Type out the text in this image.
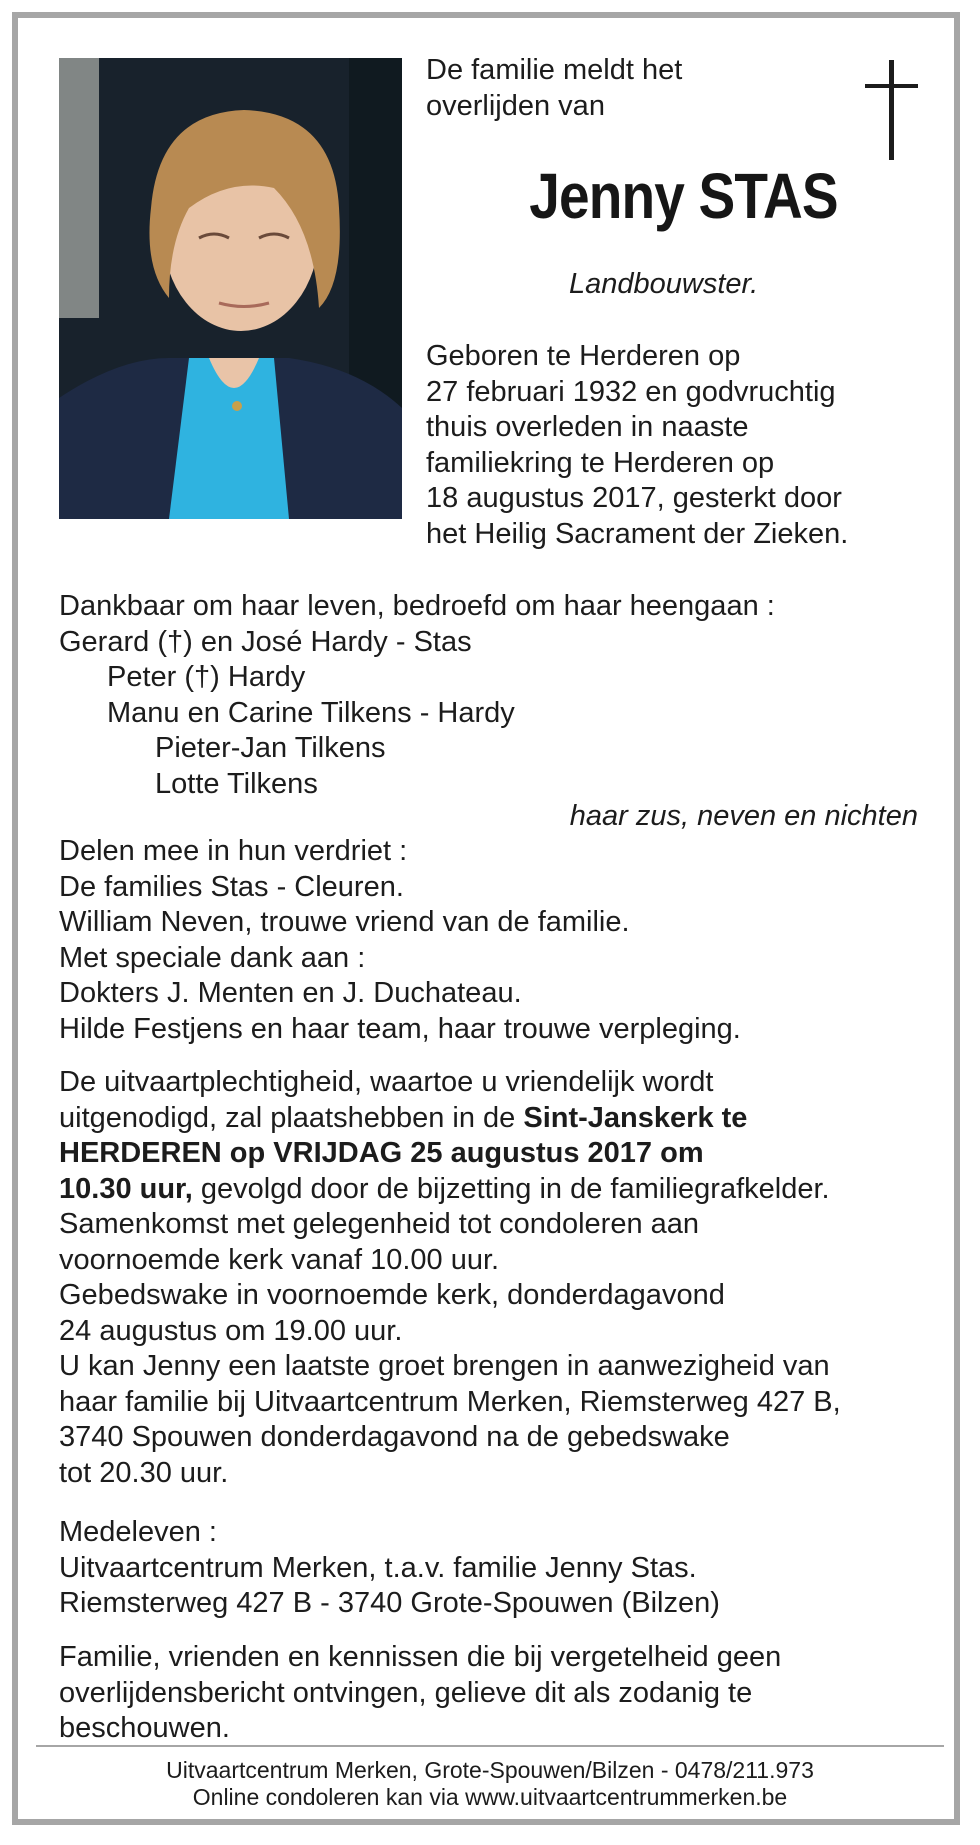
De familie meldt het
overlijden van
Jenny STAS
Landbouwster.
Geboren te Herderen op
27 februari 1932 en godvruchtig
thuis overleden in naaste
familiekring te Herderen op
18 augustus 2017, gesterkt door
het Heilig Sacrament der Zieken.
Dankbaar om haar leven, bedroefd om haar heengaan :
Gerard (†) en José Hardy - Stas
Peter (†) Hardy
Manu en Carine Tilkens - Hardy
Pieter-Jan Tilkens
Lotte Tilkens
haar zus, neven en nichten
Delen mee in hun verdriet :
De families Stas - Cleuren.
William Neven, trouwe vriend van de familie.
Met speciale dank aan :
Dokters J. Menten en J. Duchateau.
Hilde Festjens en haar team, haar trouwe verpleging.
De uitvaartplechtigheid, waartoe u vriendelijk wordt
uitgenodigd, zal plaatshebben in de Sint-Janskerk te
HERDEREN op VRIJDAG 25 augustus 2017 om
10.30 uur, gevolgd door de bijzetting in de familiegrafkelder.
Samenkomst met gelegenheid tot condoleren aan
voornoemde kerk vanaf 10.00 uur.
Gebedswake in voornoemde kerk, donderdagavond
24 augustus om 19.00 uur.
U kan Jenny een laatste groet brengen in aanwezigheid van
haar familie bij Uitvaartcentrum Merken, Riemsterweg 427 B,
3740 Spouwen donderdagavond na de gebedswake
tot 20.30 uur.
Medeleven :
Uitvaartcentrum Merken, t.a.v. familie Jenny Stas.
Riemsterweg 427 B - 3740 Grote-Spouwen (Bilzen)
Familie, vrienden en kennissen die bij vergetelheid geen
overlijdensbericht ontvingen, gelieve dit als zodanig te
beschouwen.
Uitvaartcentrum Merken, Grote-Spouwen/Bilzen - 0478/211.973
Online condoleren kan via www.uitvaartcentrummerken.be
